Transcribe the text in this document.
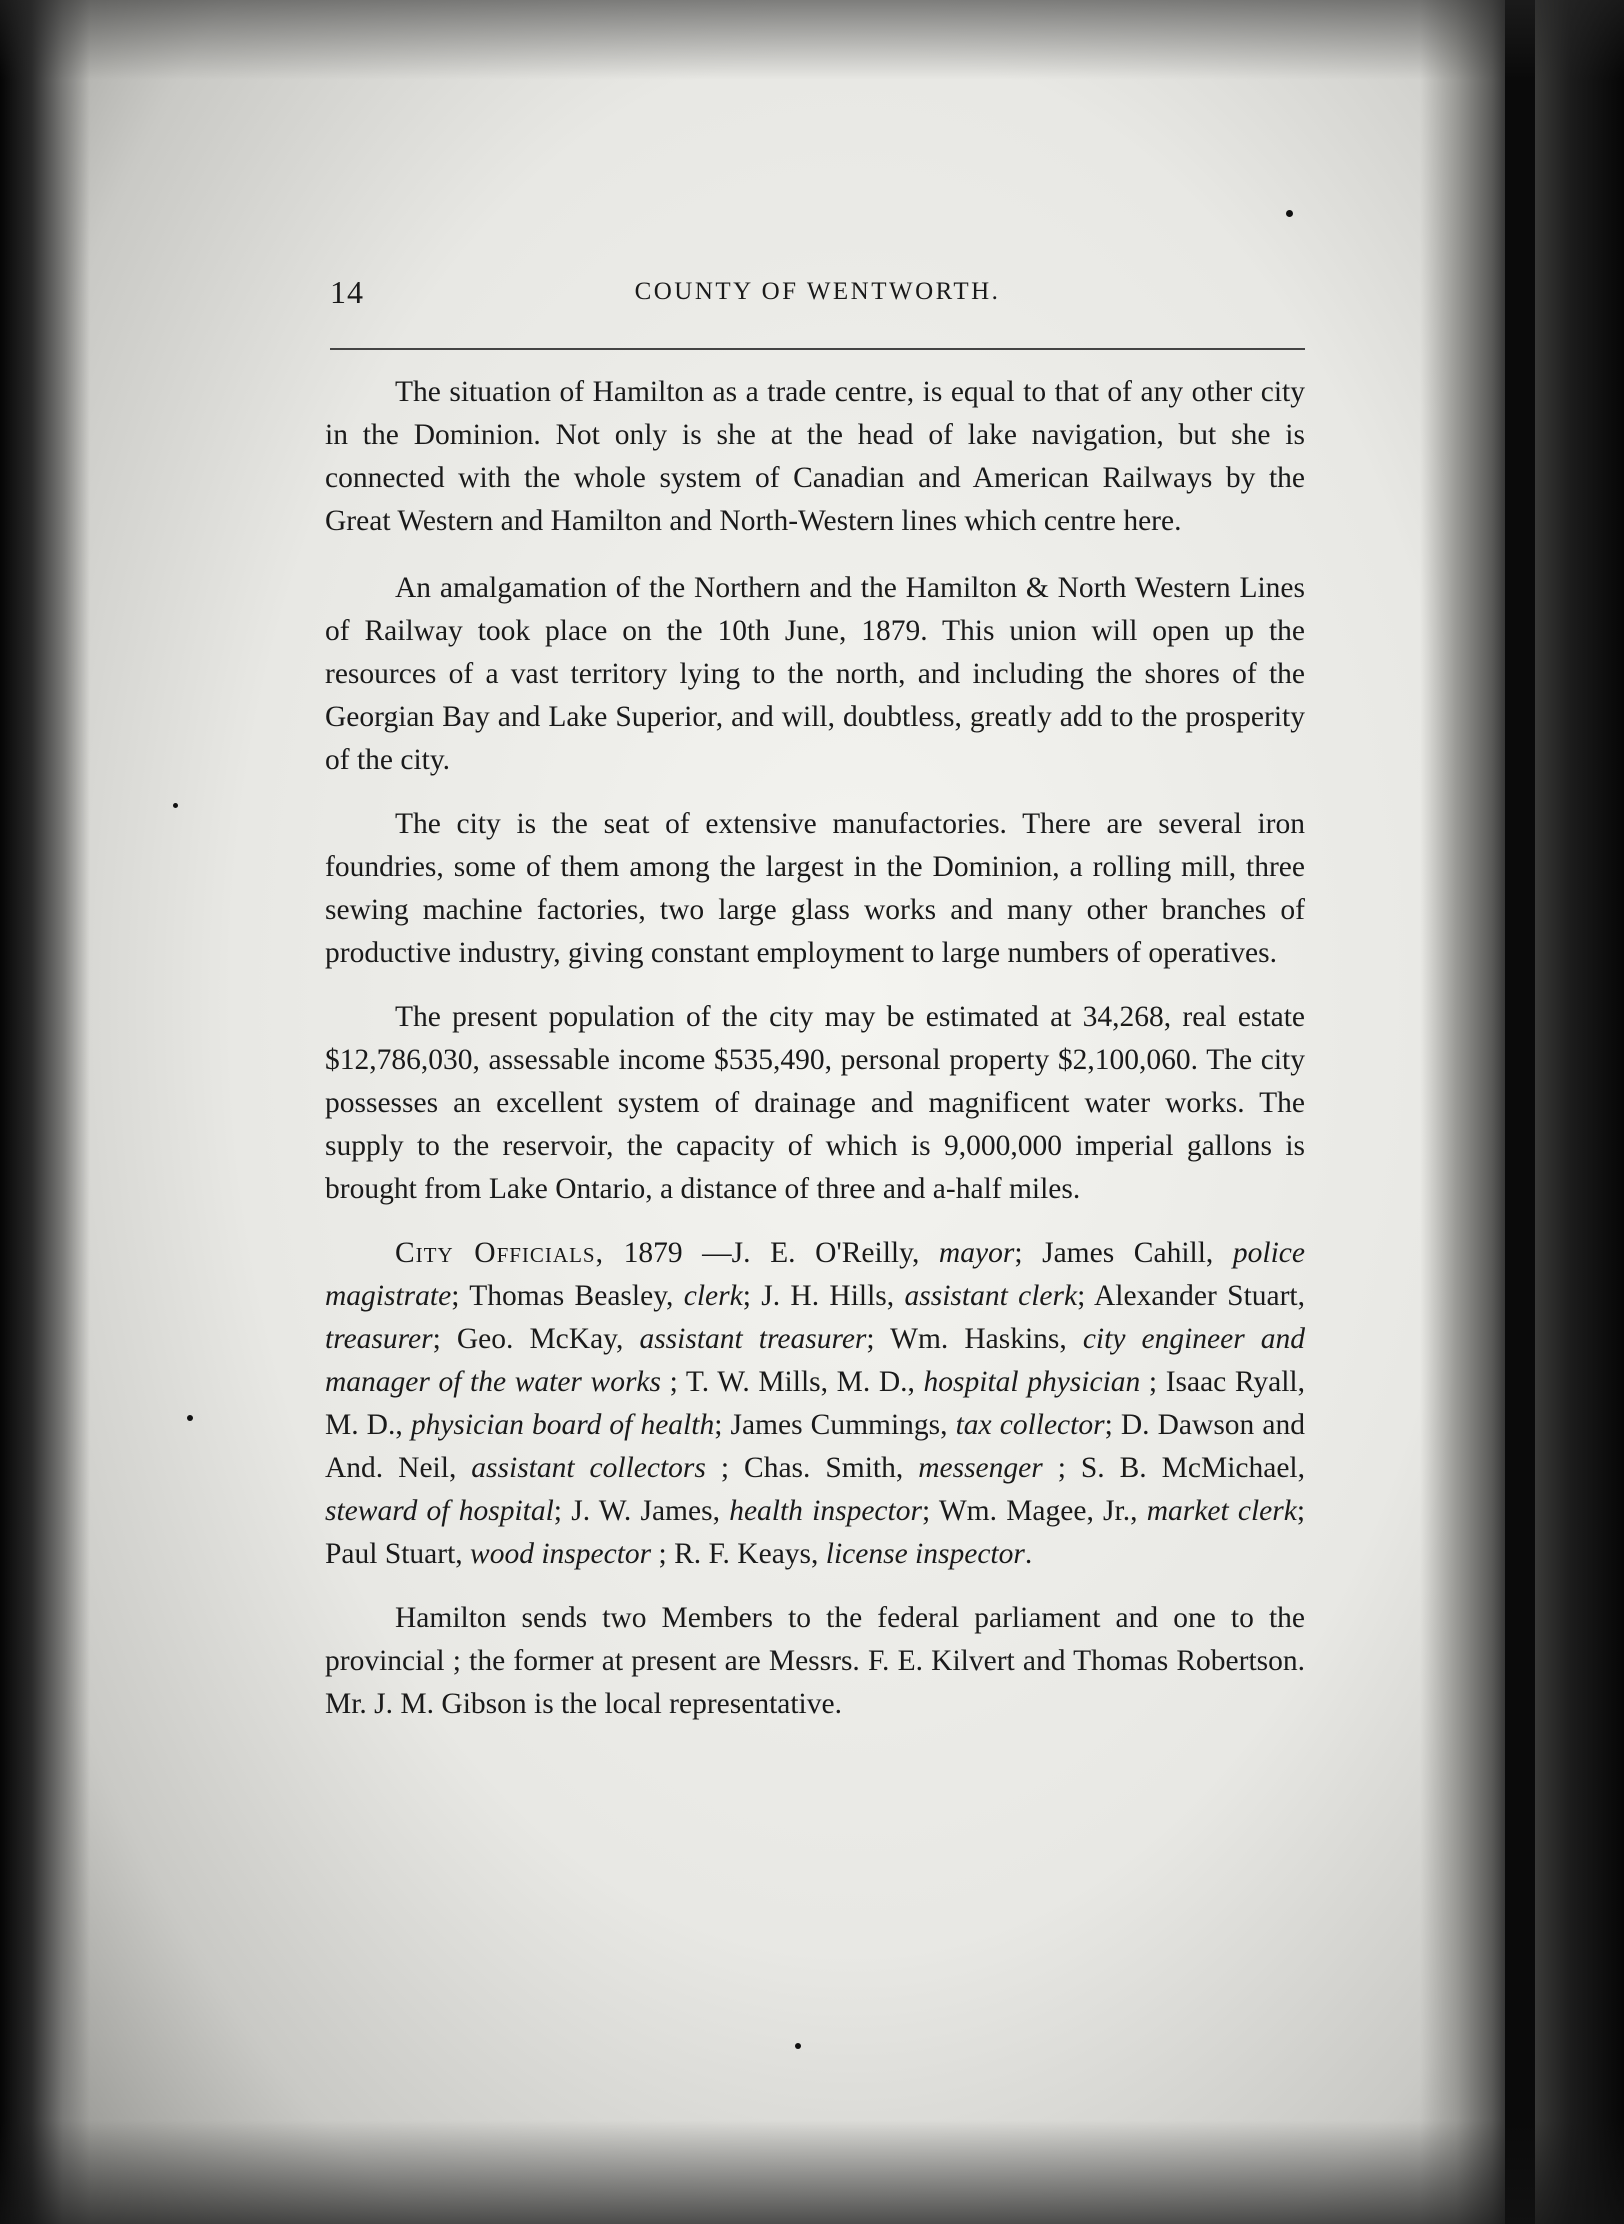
14	COUNTY OF WENTWORTH.

The situation of Hamilton as a trade centre, is equal to that of any other city in the Dominion. Not only is she at the head of lake navigation, but she is connected with the whole system of Canadian and American Railways by the Great Western and Hamilton and North-Western lines which centre here.

An amalgamation of the Northern and the Hamilton & North Western Lines of Railway took place on the 10th June, 1879. This union will open up the resources of a vast territory lying to the north, and including the shores of the Georgian Bay and Lake Superior, and will, doubtless, greatly add to the prosperity of the city.

The city is the seat of extensive manufactories. There are several iron foundries, some of them among the largest in the Dominion, a rolling mill, three sewing machine factories, two large glass works and many other branches of productive industry, giving constant employment to large numbers of operatives.

The present population of the city may be estimated at 34,268, real estate $12,786,030, assessable income $535,490, personal property $2,100,060. The city possesses an excellent system of drainage and magnificent water works. The supply to the reservoir, the capacity of which is 9,000,000 imperial gallons is brought from Lake Ontario, a distance of three and a-half miles.

City Officials, 1879 —J. E. O'Reilly, mayor; James Cahill, police magistrate; Thomas Beasley, clerk; J. H. Hills, assistant clerk; Alexander Stuart, treasurer; Geo. McKay, assistant treasurer; Wm. Haskins, city engineer and manager of the water works ; T. W. Mills, M. D., hospital physician ; Isaac Ryall, M. D., physician board of health; James Cummings, tax collector; D. Dawson and And. Neil, assistant collectors ; Chas. Smith, messenger ; S. B. McMichael, steward of hospital; J. W. James, health inspector; Wm. Magee, Jr., market clerk; Paul Stuart, wood inspector ; R. F. Keays, license inspector.

Hamilton sends two Members to the federal parliament and one to the provincial ; the former at present are Messrs. F. E. Kilvert and Thomas Robertson. Mr. J. M. Gibson is the local representative.
